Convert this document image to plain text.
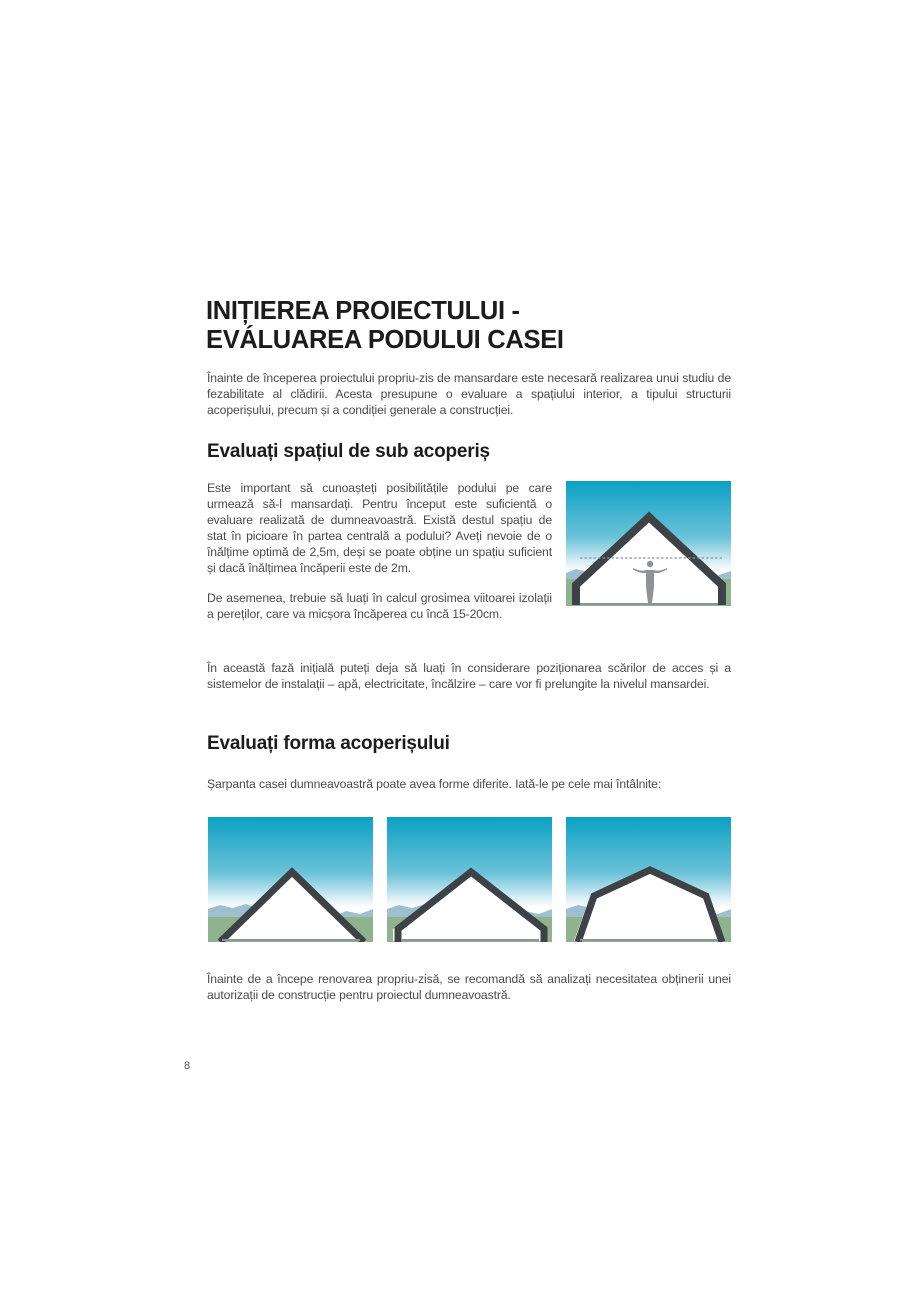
INIȚIEREA PROIECTULUI -
EVÁLUAREA PODULUI CASEI

Înainte de începerea proiectului propriu-zis de mansardare este necesară realizarea unui studiu de fezabilitate al clădirii. Acesta presupune o evaluare a spațiului interior, a tipului structurii acoperișului, precum și a condiției generale a construcției.

Evaluați spațiul de sub acoperiș

Este important să cunoașteți posibilitățile podului pe care urmează să-l mansardați. Pentru început este suficientă o evaluare realizată de dumneavoastră. Există destul spațiu de stat în picioare în partea centrală a podului? Aveți nevoie de o înălțime optimă de 2,5m, deși se poate obține un spațiu suficient și dacă înălțimea încăperii este de 2m.

De asemenea, trebuie să luați în calcul grosimea viitoarei izolații a pereților, care va micșora încăperea cu încă 15-20cm.

În această fază inițială puteți deja să luați în considerare poziționarea scărilor de acces și a sistemelor de instalații – apă, electricitate, încălzire – care vor fi prelungite la nivelul mansardei.

Evaluați forma acoperișului

Șarpanta casei dumneavoastră poate avea forme diferite. Iată-le pe cele mai întâlnite:

Înainte de a începe renovarea propriu-zisă, se recomandă să analizați necesitatea obținerii unei autorizații de construcție pentru proiectul dumneavoastră.

8
